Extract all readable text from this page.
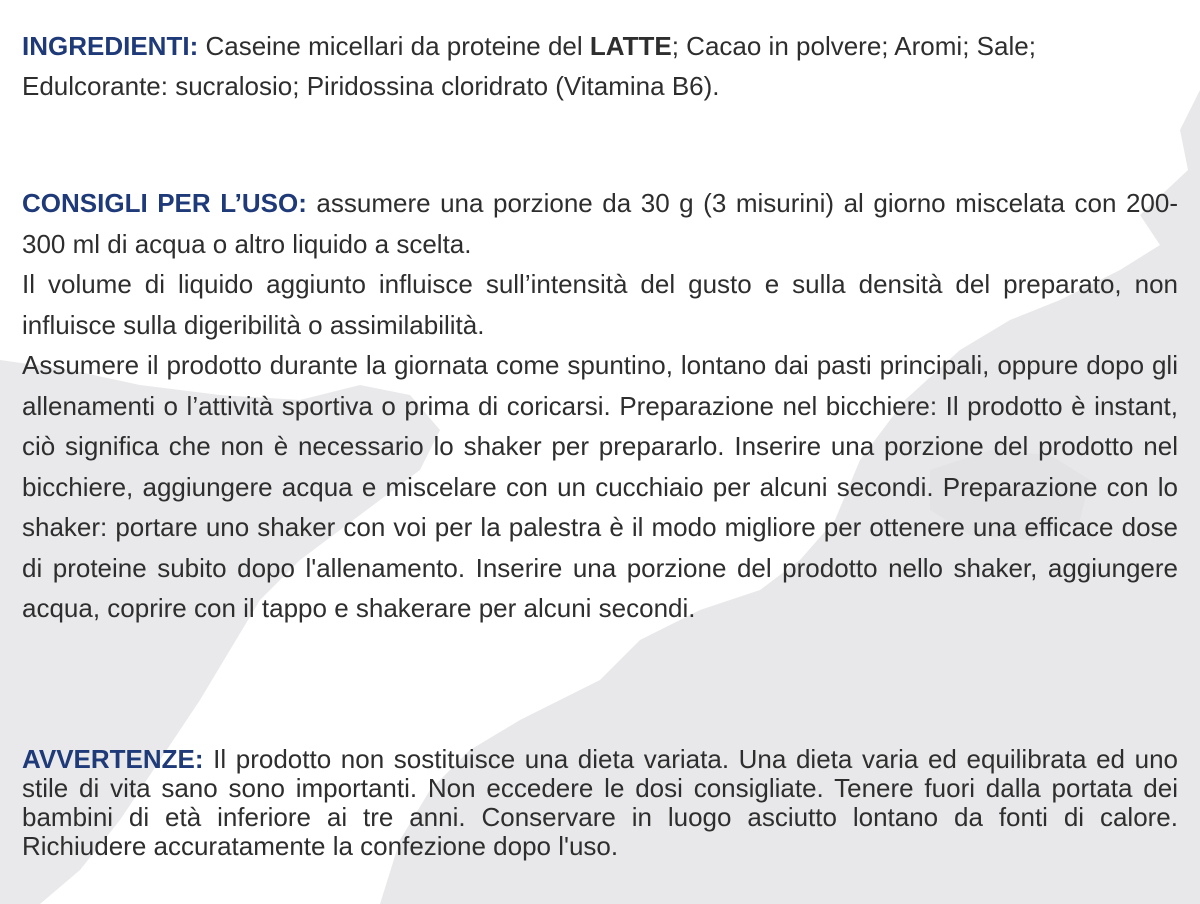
INGREDIENTI: Caseine micellari da proteine del LATTE; Cacao in polvere; Aromi; Sale; Edulcorante: sucralosio; Piridossina cloridrato (Vitamina B6).

CONSIGLI PER L’USO: assumere una porzione da 30 g (3 misurini) al giorno miscelata con 200-300 ml di acqua o altro liquido a scelta.

Il volume di liquido aggiunto influisce sull’intensità del gusto e sulla densità del preparato, non influisce sulla digeribilità o assimilabilità.

Assumere il prodotto durante la giornata come spuntino, lontano dai pasti principali, oppure dopo gli allenamenti o l’attività sportiva o prima di coricarsi. Preparazione nel bicchiere: Il prodotto è instant, ciò significa che non è necessario lo shaker per prepararlo. Inserire una porzione del prodotto nel bicchiere, aggiungere acqua e miscelare con un cucchiaio per alcuni secondi. Preparazione con lo shaker: portare uno shaker con voi per la palestra è il modo migliore per ottenere una efficace dose di proteine subito dopo l'allenamento. Inserire una porzione del prodotto nello shaker, aggiungere acqua, coprire con il tappo e shakerare per alcuni secondi.

AVVERTENZE: Il prodotto non sostituisce una dieta variata. Una dieta varia ed equilibrata ed uno stile di vita sano sono importanti. Non eccedere le dosi consigliate. Tenere fuori dalla portata dei bambini di età inferiore ai tre anni. Conservare in luogo asciutto lontano da fonti di calore. Richiudere accuratamente la confezione dopo l'uso.
